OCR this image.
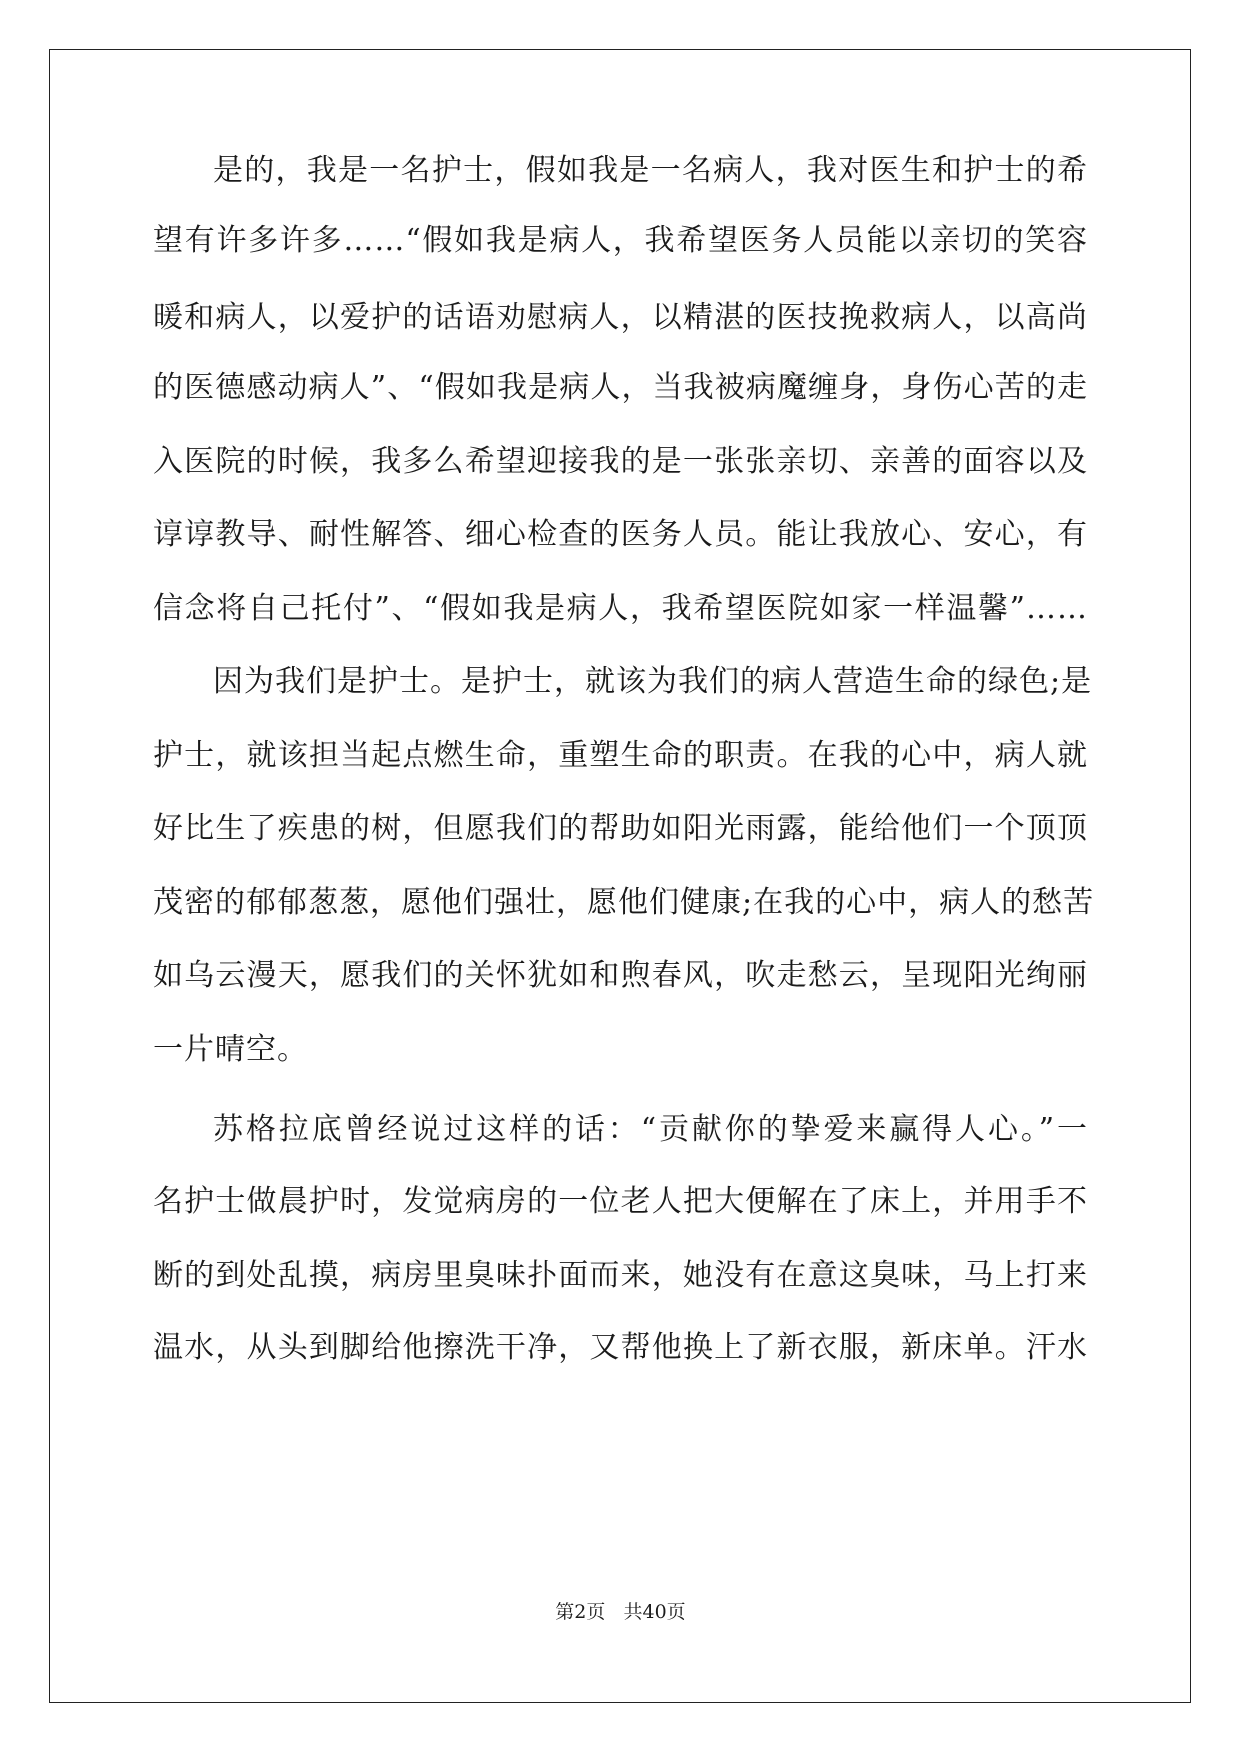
是的，我是一名护士，假如我是一名病人，我对医生和护士的希
望有许多许多……“假如我是病人，我希望医务人员能以亲切的笑容
暖和病人，以爱护的话语劝慰病人，以精湛的医技挽救病人，以高尚
的医德感动病人”、“假如我是病人，当我被病魔缠身，身伤心苦的走
入医院的时候，我多么希望迎接我的是一张张亲切、亲善的面容以及
谆谆教导、耐性解答、细心检查的医务人员。能让我放心、安心，有
信念将自己托付”、“假如我是病人，我希望医院如家一样温馨”……
因为我们是护士。是护士，就该为我们的病人营造生命的绿色;是
护士，就该担当起点燃生命，重塑生命的职责。在我的心中，病人就
好比生了疾患的树，但愿我们的帮助如阳光雨露，能给他们一个顶顶
茂密的郁郁葱葱，愿他们强壮，愿他们健康;在我的心中，病人的愁苦
如乌云漫天，愿我们的关怀犹如和煦春风，吹走愁云，呈现阳光绚丽
一片晴空。
苏格拉底曾经说过这样的话：“贡献你的挚爱来赢得人心。”一
名护士做晨护时，发觉病房的一位老人把大便解在了床上，并用手不
断的到处乱摸，病房里臭味扑面而来，她没有在意这臭味，马上打来
温水，从头到脚给他擦洗干净，又帮他换上了新衣服，新床单。汗水
第2页   共40页
